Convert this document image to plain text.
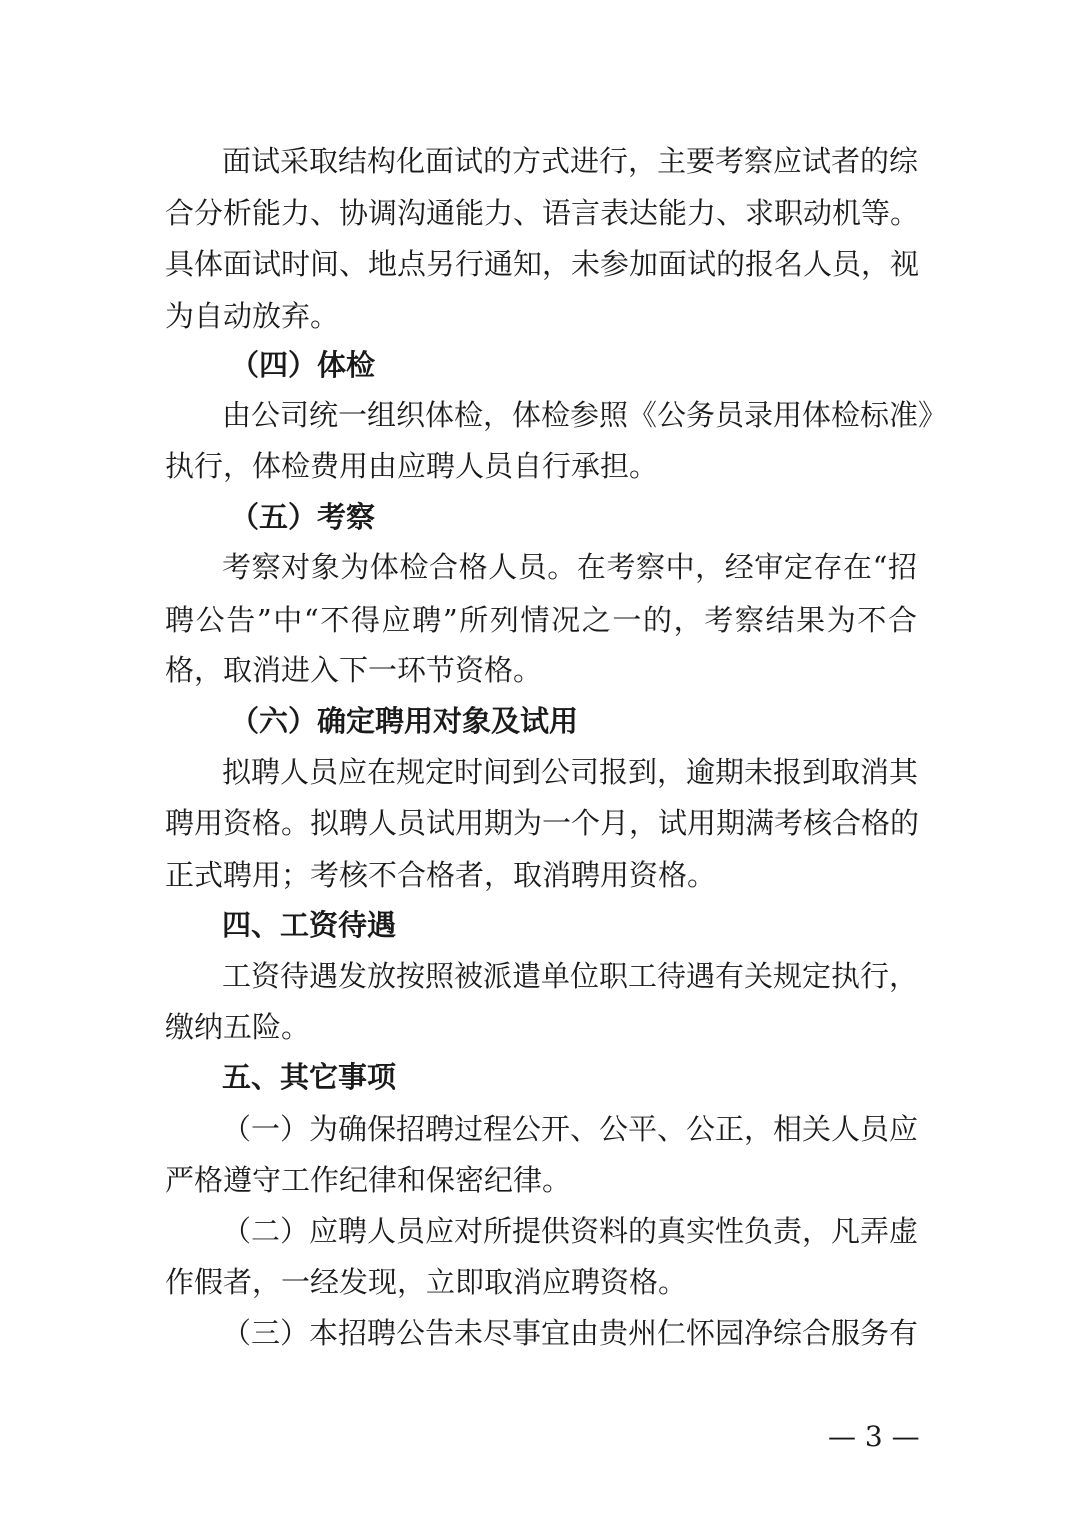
面试采取结构化面试的方式进行，主要考察应试者的综
合分析能力、协调沟通能力、语言表达能力、求职动机等。
具体面试时间、地点另行通知，未参加面试的报名人员，视
为自动放弃。
（四）体检
由公司统一组织体检，体检参照《公务员录用体检标准》
执行，体检费用由应聘人员自行承担。
（五）考察
考察对象为体检合格人员。在考察中，经审定存在“招
聘公告”中“不得应聘”所列情况之一的，考察结果为不合
格，取消进入下一环节资格。
（六）确定聘用对象及试用
拟聘人员应在规定时间到公司报到，逾期未报到取消其
聘用资格。拟聘人员试用期为一个月，试用期满考核合格的
正式聘用；考核不合格者，取消聘用资格。
四、工资待遇
工资待遇发放按照被派遣单位职工待遇有关规定执行，
缴纳五险。
五、其它事项
（一）为确保招聘过程公开、公平、公正，相关人员应
严格遵守工作纪律和保密纪律。
（二）应聘人员应对所提供资料的真实性负责，凡弄虚
作假者，一经发现，立即取消应聘资格。
（三）本招聘公告未尽事宜由贵州仁怀园净综合服务有
— 3 —
